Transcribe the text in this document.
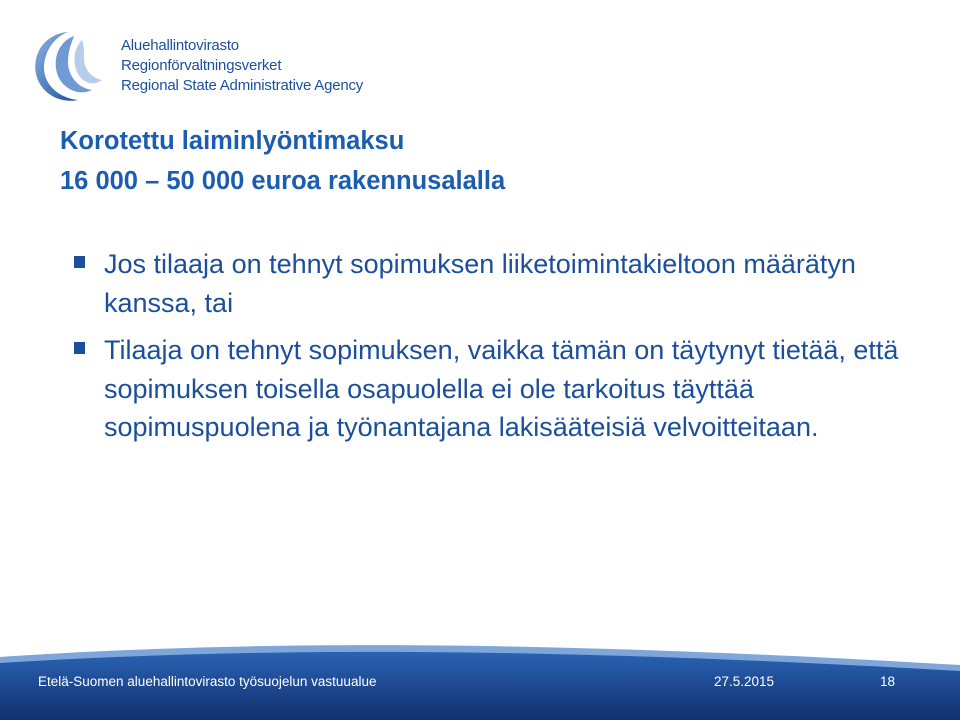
Aluehallintovirasto
Regionförvaltningsverket
Regional State Administrative Agency
Korotettu laiminlyöntimaksu
16 000 – 50 000 euroa rakennusalalla
Jos tilaaja on tehnyt sopimuksen liiketoimintakieltoon määrätyn kanssa, tai
Tilaaja on tehnyt sopimuksen, vaikka tämän on täytynyt tietää, että sopimuksen toisella osapuolella ei ole tarkoitus täyttää sopimuspuolena ja työnantajana lakisääteisiä velvoitteitaan.
Etelä-Suomen aluehallintovirasto työsuojelun vastuualue	27.5.2015	18
